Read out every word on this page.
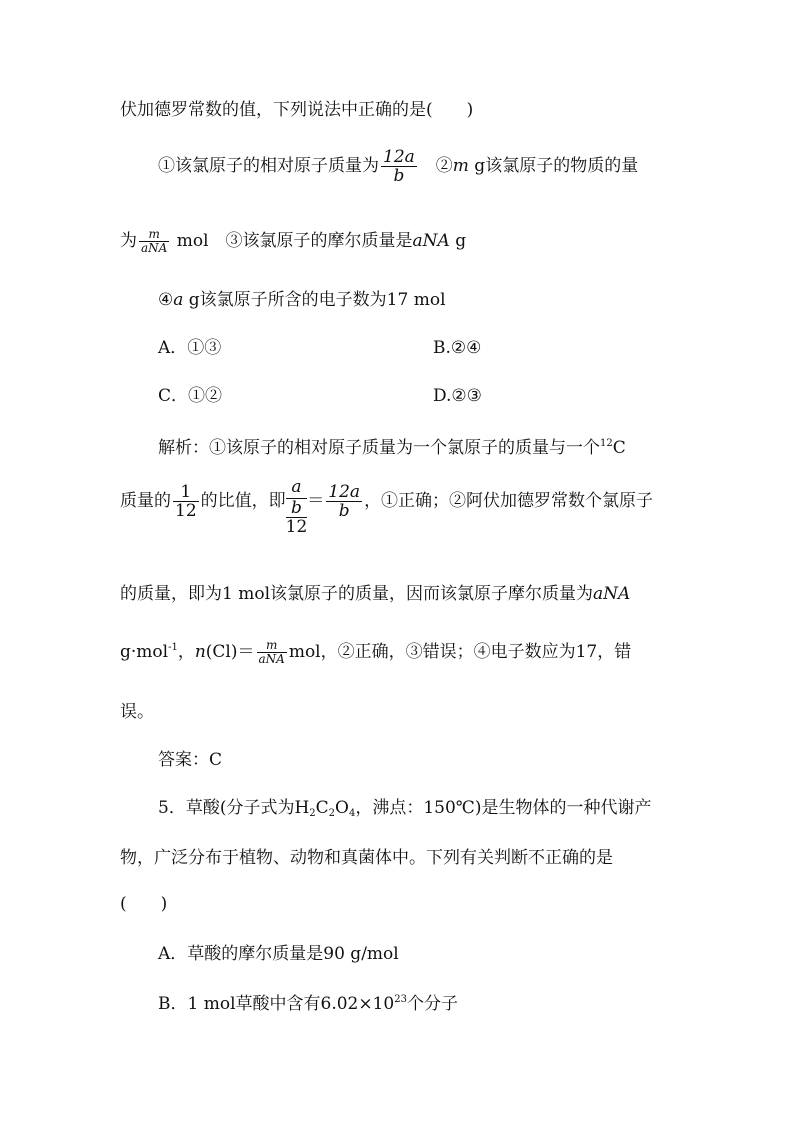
伏加德罗常数的值，下列说法中正确的是(　　)
①该氯原子的相对原子质量为 $\frac{12a}{b}$
　 ②m g该氯原子的物质的量
为 $\frac{m}{\text{aNA}}$ mol　③该氯原子的摩尔质量是aNA g
④a g该氯原子所含的电子数为17 mol
A．①③	B.②④
C．①②	D.②③
解析：①该原子的相对原子质量为一个氯原子的质量与一个$^{12}$C
质量的 $\frac{1}{12}$ 的比值，即
a
b
12
＝ $\frac{12a}{b}$ ，①正确；②阿伏加德罗常数个氯原子
的质量，即为1 mol该氯原子的质量，因而该氯原子摩尔质量为aNA
g·mol$^{-1}$，$n(Cl)= \frac{m}{\text{aNA}}$ mol，②正确，③错误；④电子数应为17，错
误。
答案：C
5．草酸(分子式为$H_2C_2O_4$，沸点：150℃)是生物体的一种代谢产
物，广泛分布于植物、动物和真菌体中。下列有关判断不正确的是
(　　)
A．草酸的摩尔质量是90 g/mol
B．1 mol草酸中含有$6.02\times 10^{23}$个分子
